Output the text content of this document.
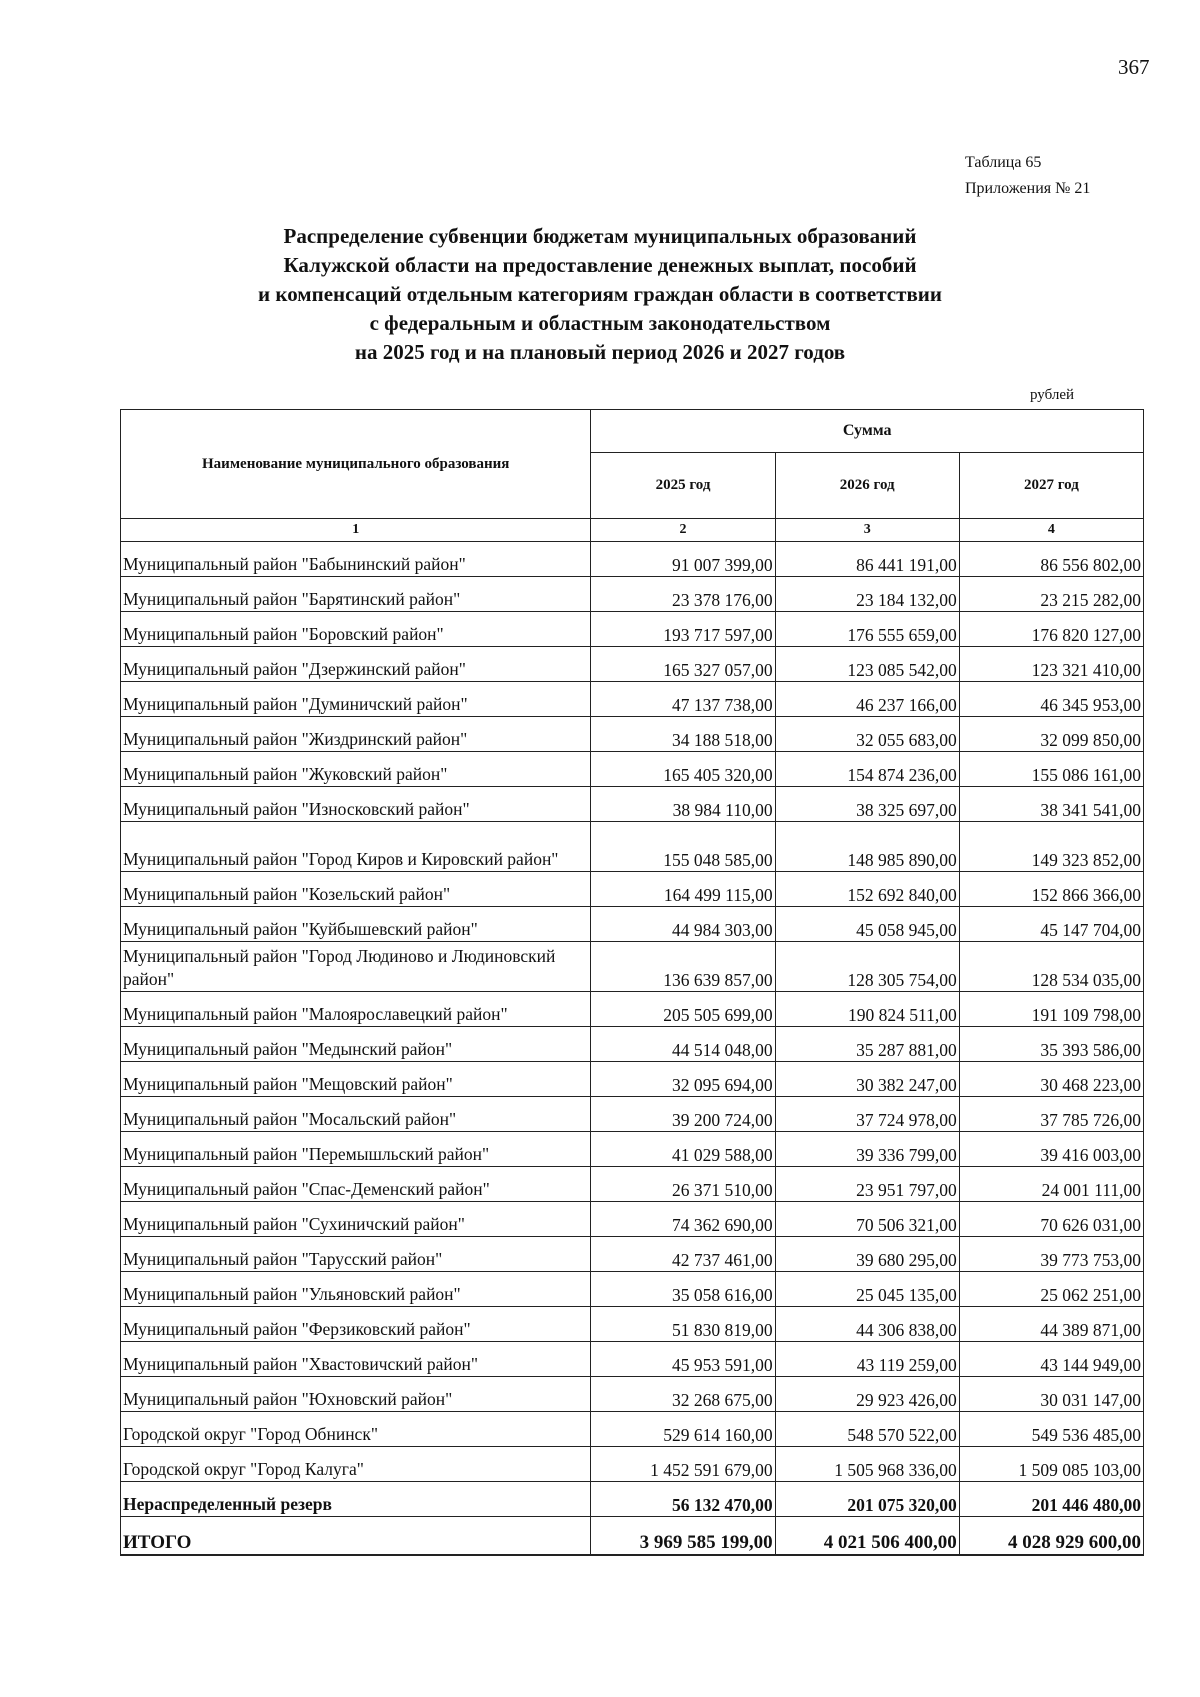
367
Таблица 65
Приложения № 21
Распределение субвенции бюджетам муниципальных образований
Калужской области на предоставление денежных выплат, пособий
и компенсаций отдельным категориям граждан области в соответствии
с федеральным и областным законодательством
на 2025 год и на плановый период 2026 и 2027 годов
рублей
Наименование муниципального образования	Сумма		
	2025 год	2026 год	2027 год
1	2	3	4
Муниципальный район "Бабынинский район"	91 007 399,00	86 441 191,00	86 556 802,00
Муниципальный район "Барятинский район"	23 378 176,00	23 184 132,00	23 215 282,00
Муниципальный район "Боровский район"	193 717 597,00	176 555 659,00	176 820 127,00
Муниципальный район "Дзержинский район"	165 327 057,00	123 085 542,00	123 321 410,00
Муниципальный район "Думиничский район"	47 137 738,00	46 237 166,00	46 345 953,00
Муниципальный район "Жиздринский район"	34 188 518,00	32 055 683,00	32 099 850,00
Муниципальный район "Жуковский район"	165 405 320,00	154 874 236,00	155 086 161,00
Муниципальный район "Износковский район"	38 984 110,00	38 325 697,00	38 341 541,00
Муниципальный район "Город Киров и Кировский район"	155 048 585,00	148 985 890,00	149 323 852,00
Муниципальный район "Козельский район"	164 499 115,00	152 692 840,00	152 866 366,00
Муниципальный район "Куйбышевский район"	44 984 303,00	45 058 945,00	45 147 704,00
Муниципальный район "Город Людиново и Людиновский район"	136 639 857,00	128 305 754,00	128 534 035,00
Муниципальный район "Малоярославецкий район"	205 505 699,00	190 824 511,00	191 109 798,00
Муниципальный район "Медынский район"	44 514 048,00	35 287 881,00	35 393 586,00
Муниципальный район "Мещовский район"	32 095 694,00	30 382 247,00	30 468 223,00
Муниципальный район "Мосальский район"	39 200 724,00	37 724 978,00	37 785 726,00
Муниципальный район "Перемышльский район"	41 029 588,00	39 336 799,00	39 416 003,00
Муниципальный район "Спас-Деменский район"	26 371 510,00	23 951 797,00	24 001 111,00
Муниципальный район "Сухиничский район"	74 362 690,00	70 506 321,00	70 626 031,00
Муниципальный район "Тарусский район"	42 737 461,00	39 680 295,00	39 773 753,00
Муниципальный район "Ульяновский район"	35 058 616,00	25 045 135,00	25 062 251,00
Муниципальный район "Ферзиковский район"	51 830 819,00	44 306 838,00	44 389 871,00
Муниципальный район "Хвастовичский район"	45 953 591,00	43 119 259,00	43 144 949,00
Муниципальный район "Юхновский район"	32 268 675,00	29 923 426,00	30 031 147,00
Городской округ "Город Обнинск"	529 614 160,00	548 570 522,00	549 536 485,00
Городской округ "Город Калуга"	1 452 591 679,00	1 505 968 336,00	1 509 085 103,00
Нераспределенный резерв	56 132 470,00	201 075 320,00	201 446 480,00
ИТОГО	3 969 585 199,00	4 021 506 400,00	4 028 929 600,00
